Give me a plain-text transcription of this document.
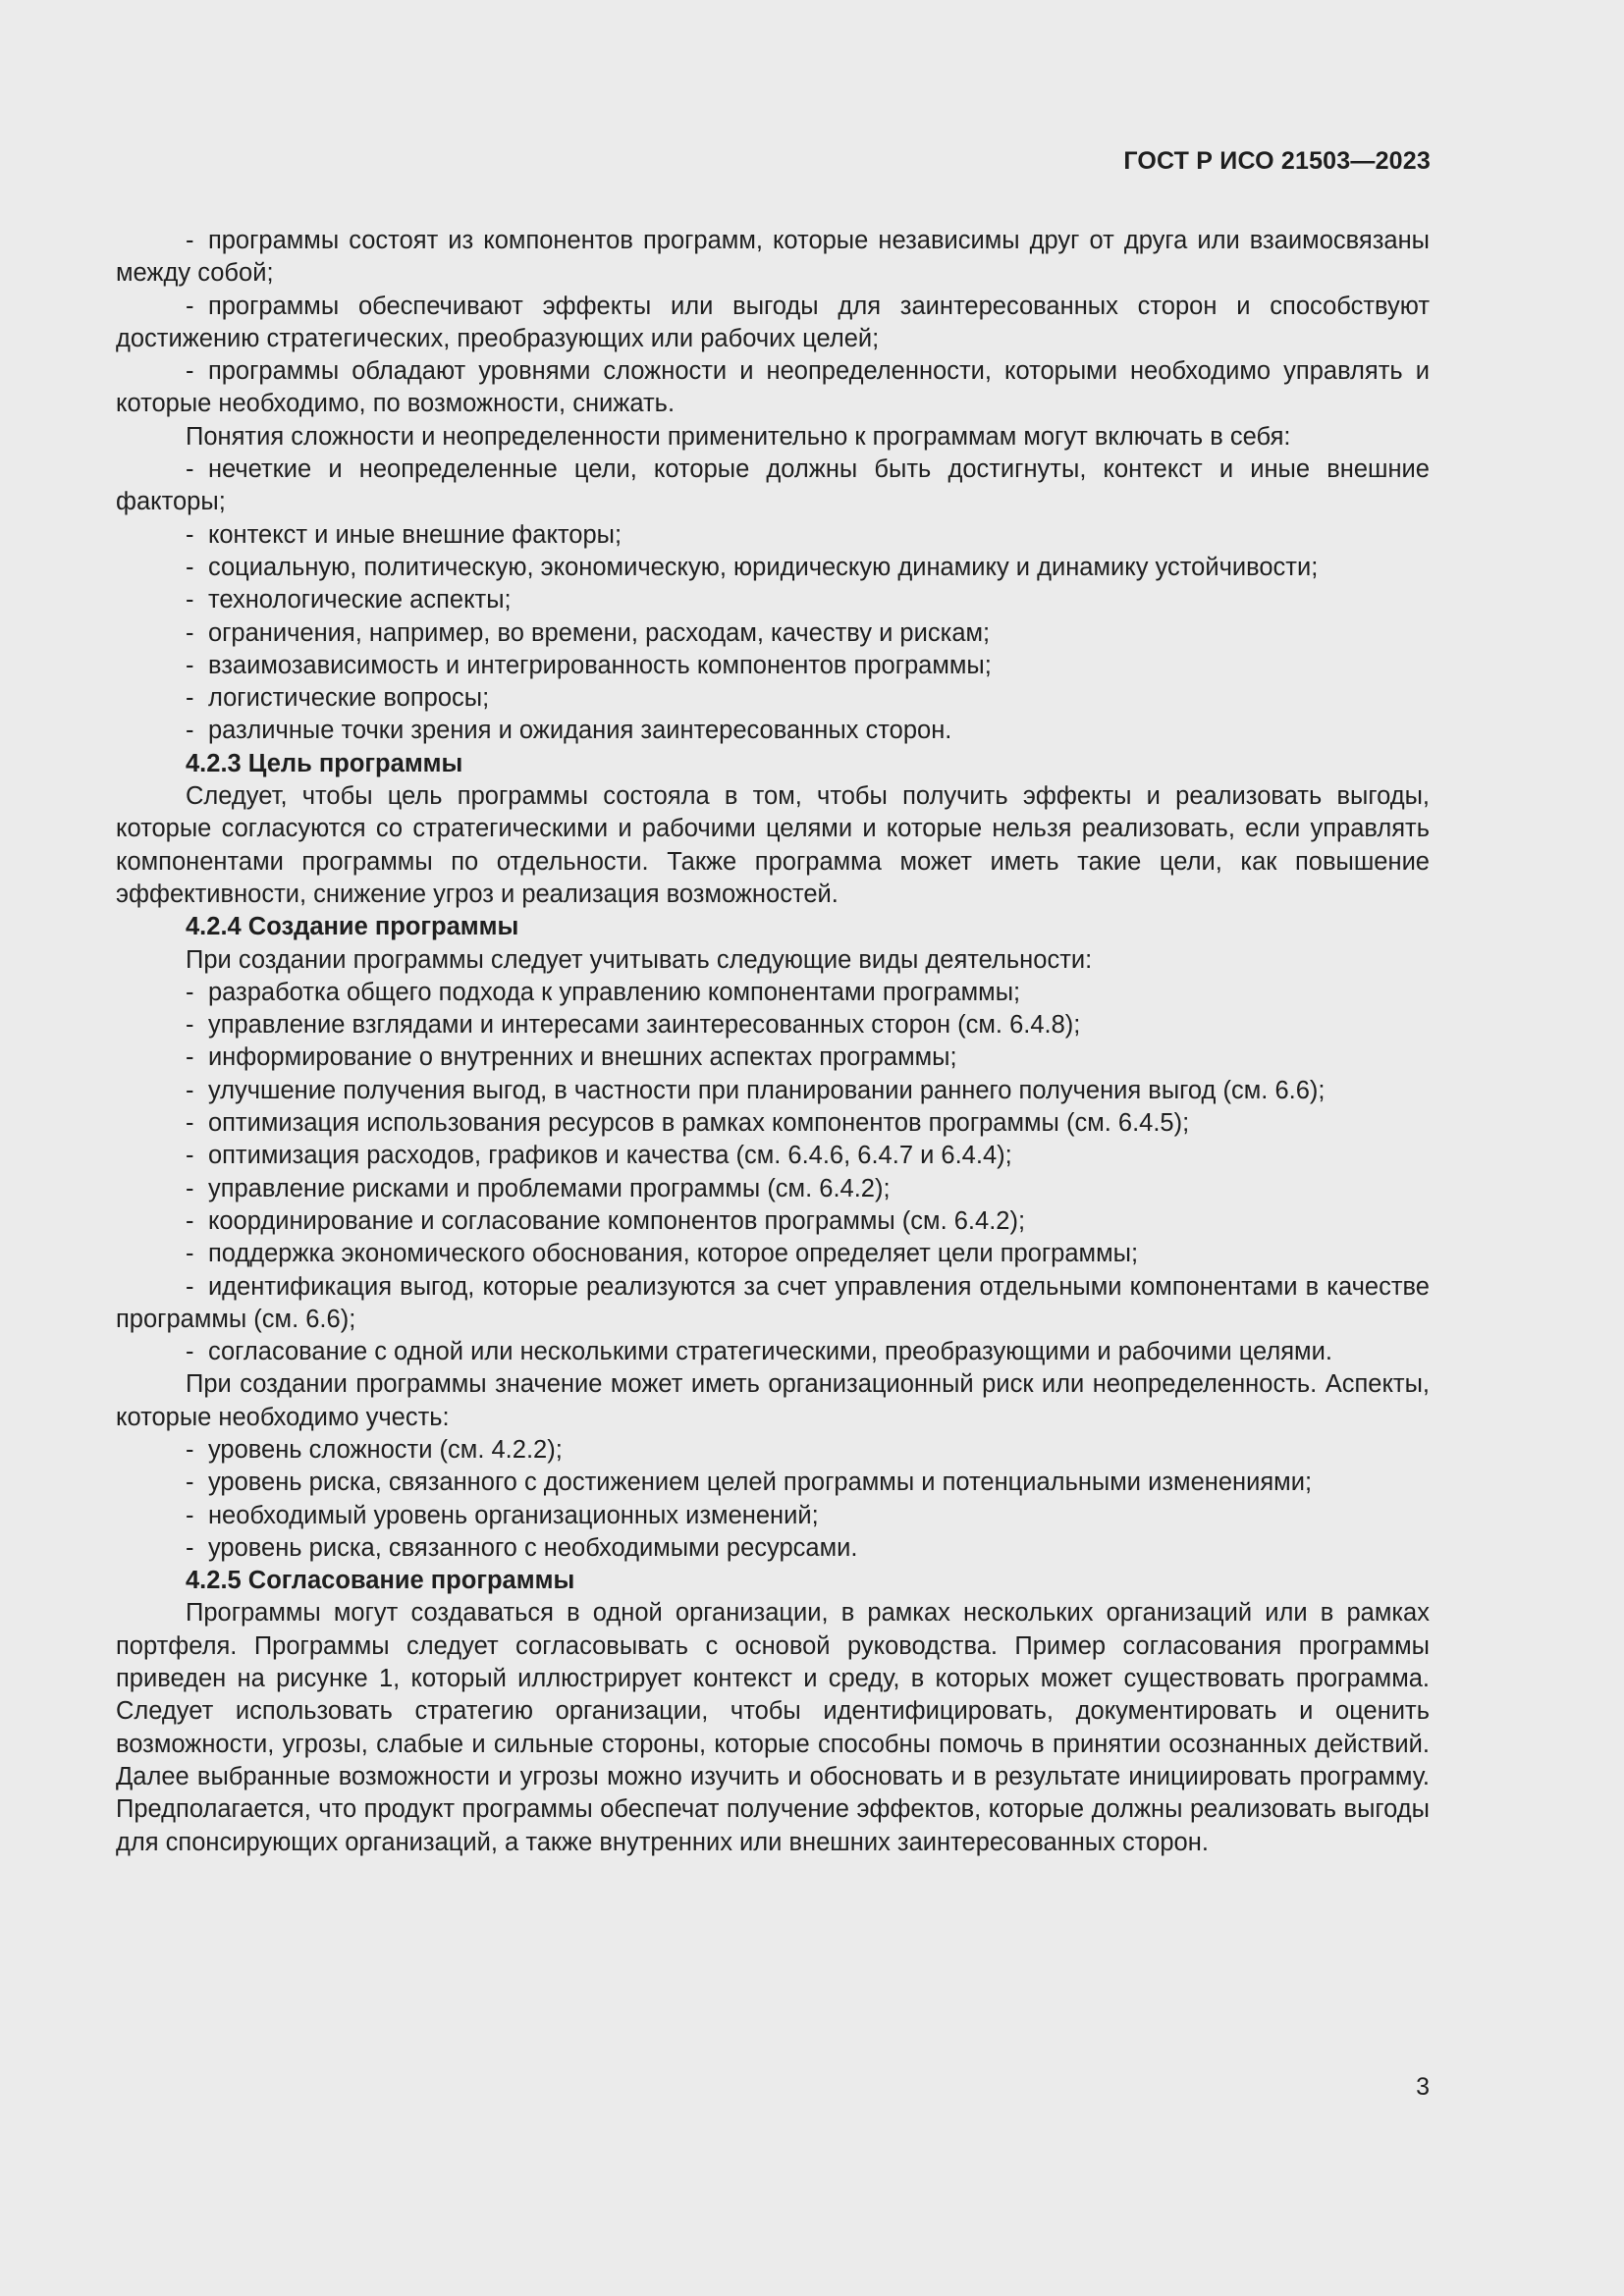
ГОСТ Р ИСО 21503—2023

- программы состоят из компонентов программ, которые независимы друг от друга или взаимосвязаны между собой;

- программы обеспечивают эффекты или выгоды для заинтересованных сторон и способствуют достижению стратегических, преобразующих или рабочих целей;

- программы обладают уровнями сложности и неопределенности, которыми необходимо управлять и которые необходимо, по возможности, снижать.

Понятия сложности и неопределенности применительно к программам могут включать в себя:

- нечеткие и неопределенные цели, которые должны быть достигнуты, контекст и иные внешние факторы;

- контекст и иные внешние факторы;

- социальную, политическую, экономическую, юридическую динамику и динамику устойчивости;

- технологические аспекты;

- ограничения, например, во времени, расходам, качеству и рискам;

- взаимозависимость и интегрированность компонентов программы;

- логистические вопросы;

- различные точки зрения и ожидания заинтересованных сторон.

4.2.3 Цель программы

Следует, чтобы цель программы состояла в том, чтобы получить эффекты и реализовать выгоды, которые согласуются со стратегическими и рабочими целями и которые нельзя реализовать, если управлять компонентами программы по отдельности. Также программа может иметь такие цели, как повышение эффективности, снижение угроз и реализация возможностей.

4.2.4 Создание программы

При создании программы следует учитывать следующие виды деятельности:

- разработка общего подхода к управлению компонентами программы;

- управление взглядами и интересами заинтересованных сторон (см. 6.4.8);

- информирование о внутренних и внешних аспектах программы;

- улучшение получения выгод, в частности при планировании раннего получения выгод (см. 6.6);

- оптимизация использования ресурсов в рамках компонентов программы (см. 6.4.5);

- оптимизация расходов, графиков и качества (см. 6.4.6, 6.4.7 и 6.4.4);

- управление рисками и проблемами программы (см. 6.4.2);

- координирование и согласование компонентов программы (см. 6.4.2);

- поддержка экономического обоснования, которое определяет цели программы;

- идентификация выгод, которые реализуются за счет управления отдельными компонентами в качестве программы (см. 6.6);

- согласование с одной или несколькими стратегическими, преобразующими и рабочими целями.

При создании программы значение может иметь организационный риск или неопределенность. Аспекты, которые необходимо учесть:

- уровень сложности (см. 4.2.2);

- уровень риска, связанного с достижением целей программы и потенциальными изменениями;

- необходимый уровень организационных изменений;

- уровень риска, связанного с необходимыми ресурсами.

4.2.5 Согласование программы

Программы могут создаваться в одной организации, в рамках нескольких организаций или в рамках портфеля. Программы следует согласовывать с основой руководства. Пример согласования программы приведен на рисунке 1, который иллюстрирует контекст и среду, в которых может существовать программа. Следует использовать стратегию организации, чтобы идентифицировать, документировать и оценить возможности, угрозы, слабые и сильные стороны, которые способны помочь в принятии осознанных действий. Далее выбранные возможности и угрозы можно изучить и обосновать и в результате инициировать программу. Предполагается, что продукт программы обеспечат получение эффектов, которые должны реализовать выгоды для спонсирующих организаций, а также внутренних или внешних заинтересованных сторон.

3
